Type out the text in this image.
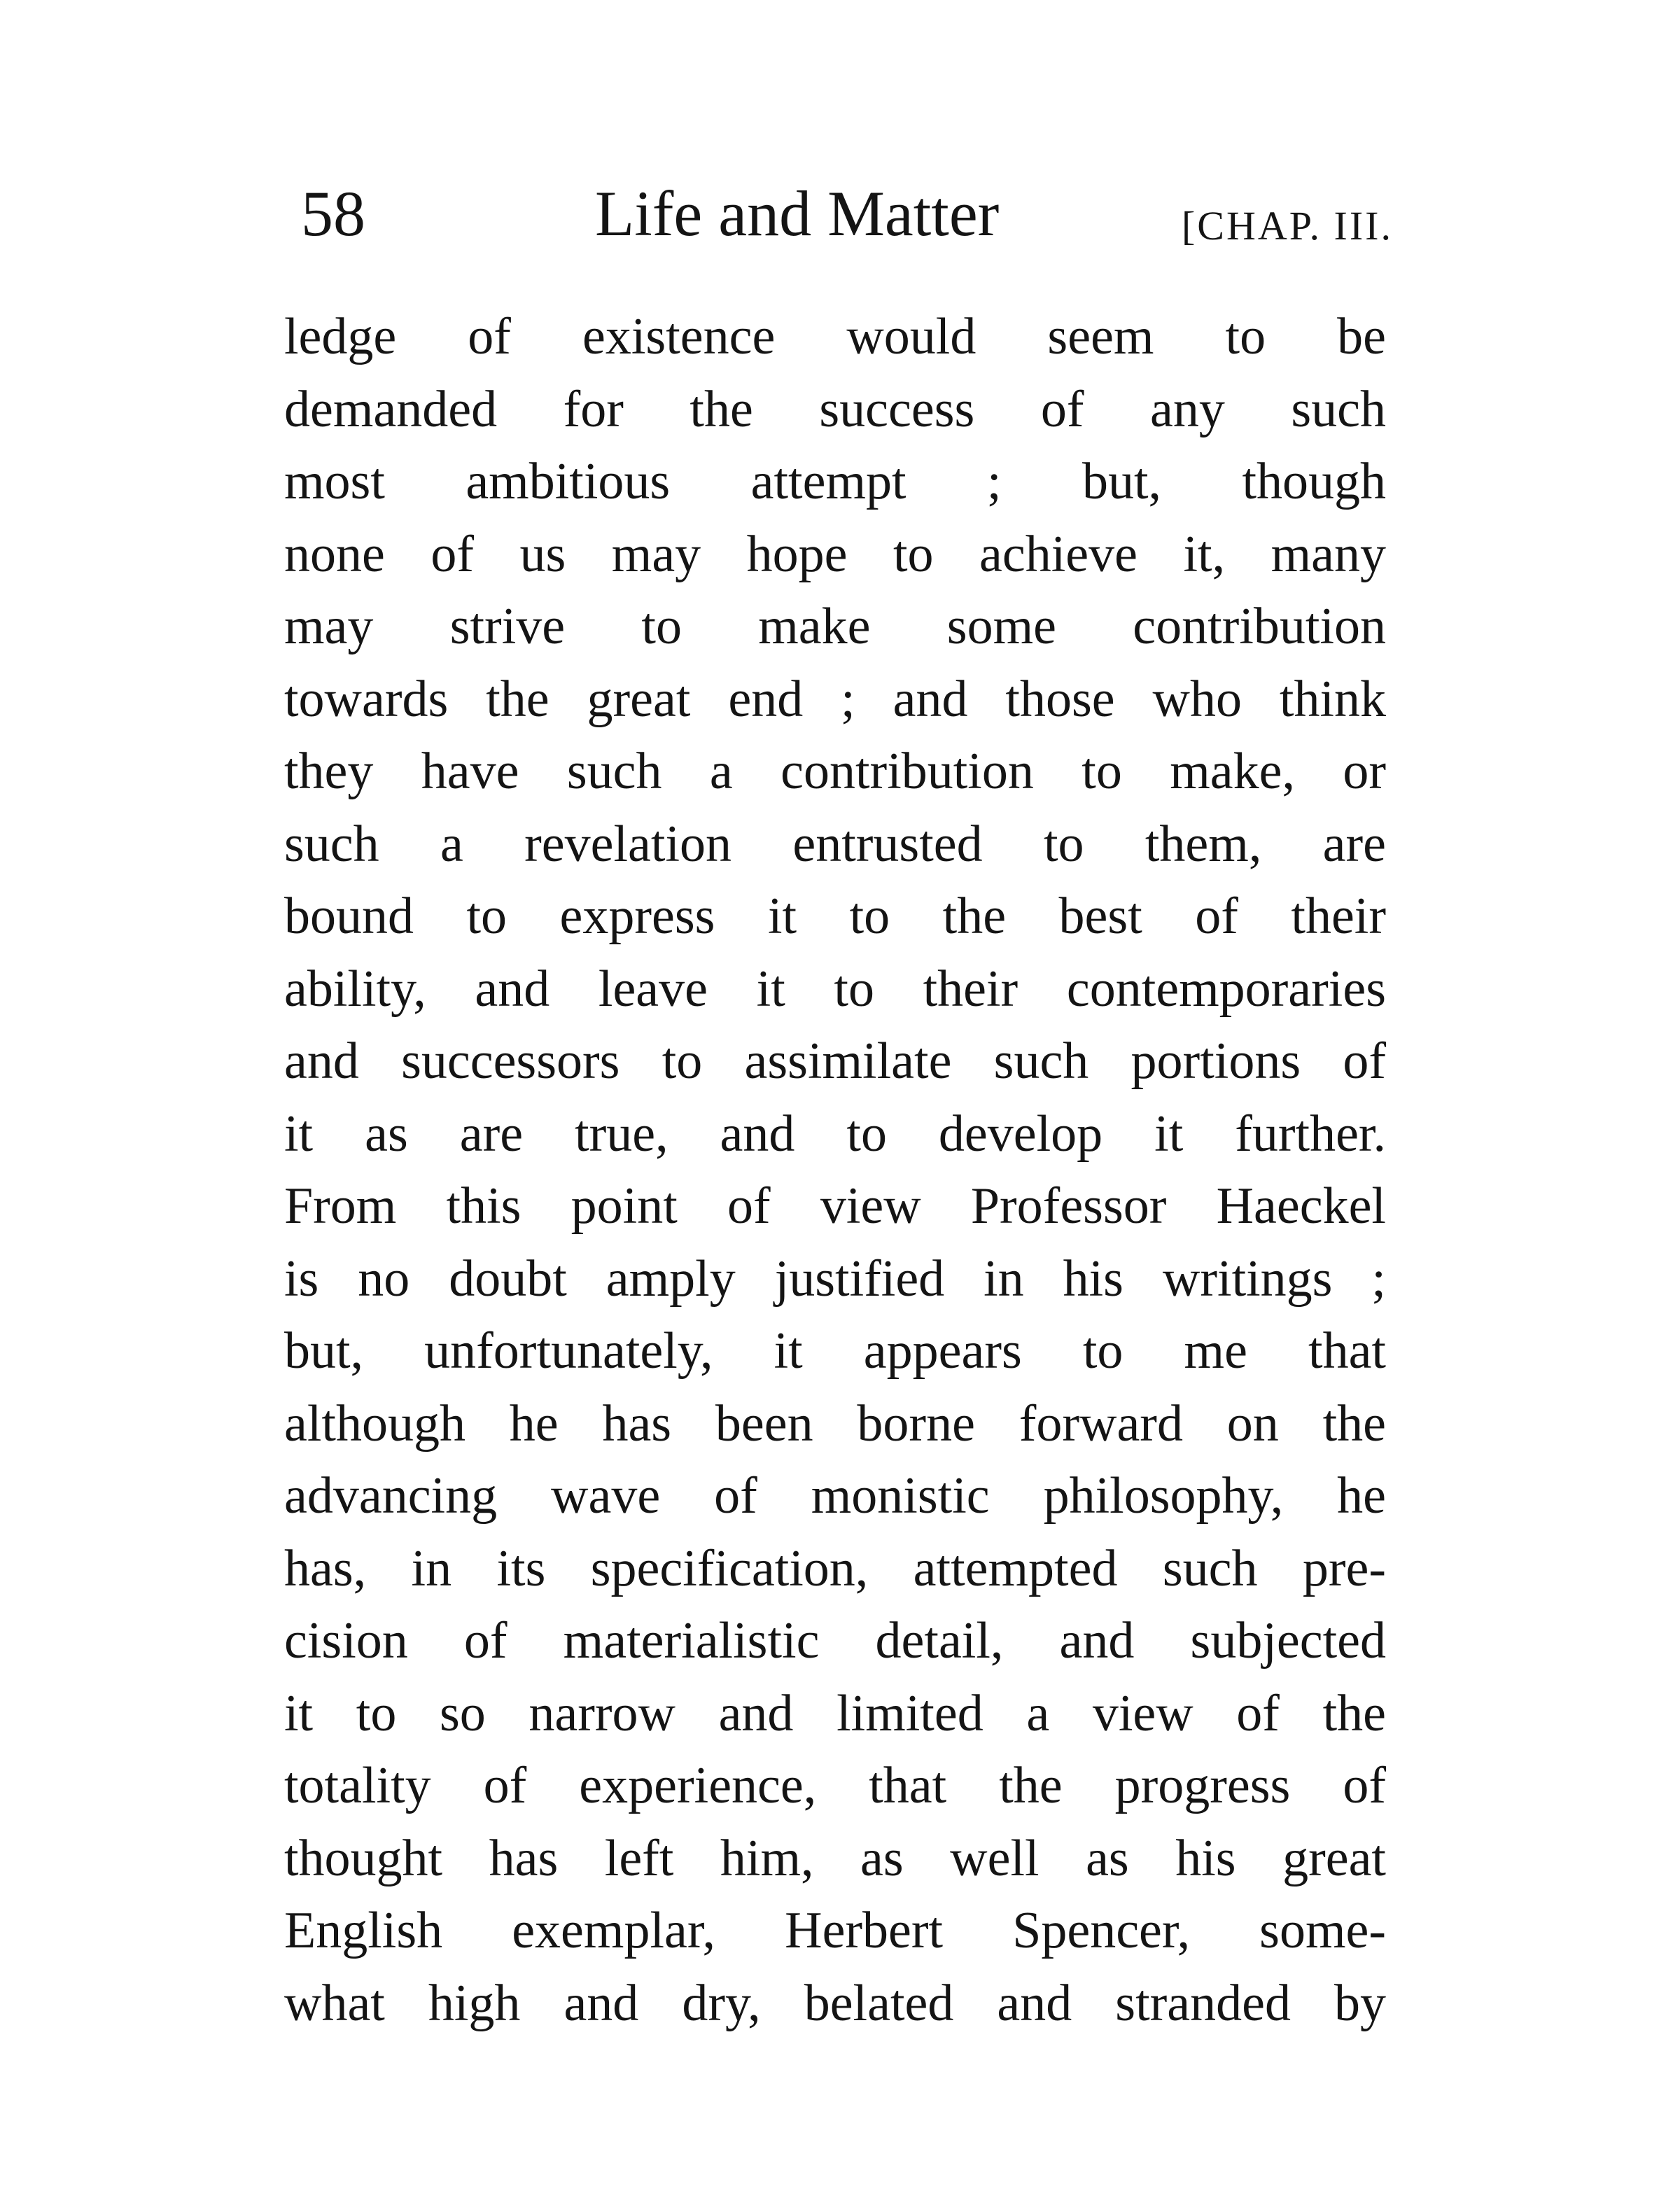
58	Life and Matter	[CHAP. III.
ledge of existence would seem to be
demanded for the success of any such
most ambitious attempt ; but, though
none of us may hope to achieve it, many
may strive to make some contribution
towards the great end ; and those who think
they have such a contribution to make, or
such a revelation entrusted to them, are
bound to express it to the best of their
ability, and leave it to their contemporaries
and successors to assimilate such portions of
it as are true, and to develop it further.
From this point of view Professor Haeckel
is no doubt amply justified in his writings ;
but, unfortunately, it appears to me that
although he has been borne forward on the
advancing wave of monistic philosophy, he
has, in its specification, attempted such pre-
cision of materialistic detail, and subjected
it to so narrow and limited a view of the
totality of experience, that the progress of
thought has left him, as well as his great
English exemplar, Herbert Spencer, some-
what high and dry, belated and stranded by
